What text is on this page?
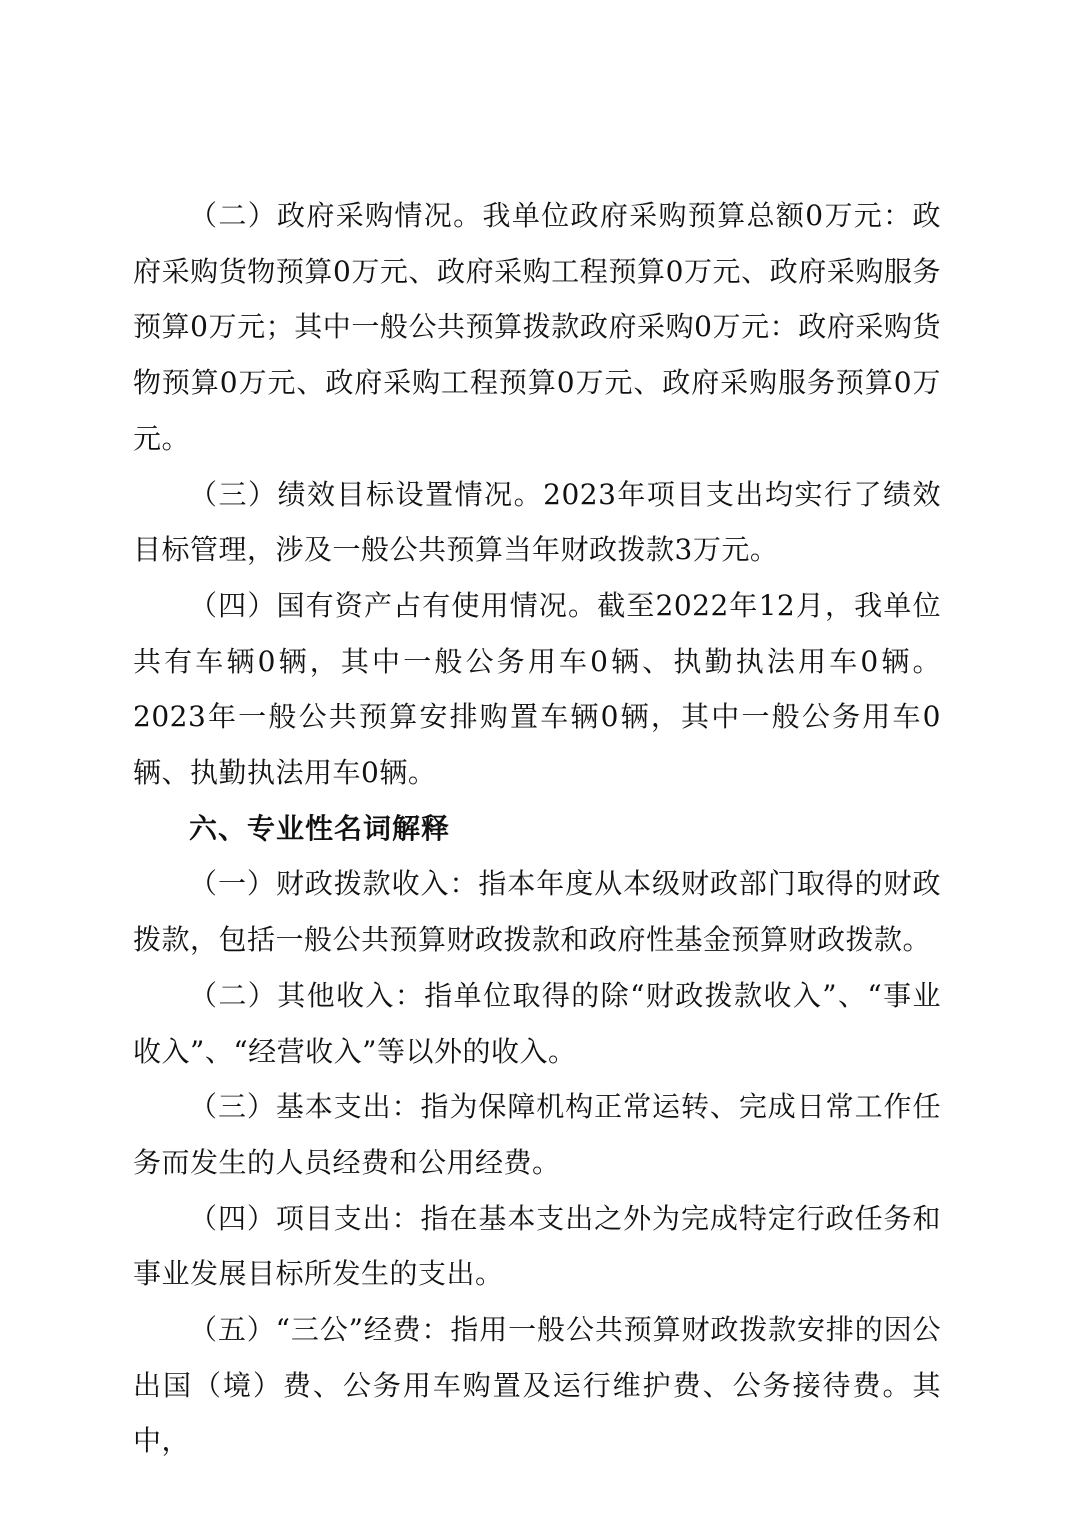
（二）政府采购情况。我单位政府采购预算总额0万元：政府采购货物预算0万元、政府采购工程预算0万元、政府采购服务预算0万元；其中一般公共预算拨款政府采购0万元：政府采购货物预算0万元、政府采购工程预算0万元、政府采购服务预算0万元。

（三）绩效目标设置情况。2023年项目支出均实行了绩效目标管理，涉及一般公共预算当年财政拨款3万元。

（四）国有资产占有使用情况。截至2022年12月，我单位共有车辆0辆，其中一般公务用车0辆、执勤执法用车0辆。2023年一般公共预算安排购置车辆0辆，其中一般公务用车0辆、执勤执法用车0辆。

六、专业性名词解释

（一）财政拨款收入：指本年度从本级财政部门取得的财政拨款，包括一般公共预算财政拨款和政府性基金预算财政拨款。

（二）其他收入：指单位取得的除“财政拨款收入”、“事业收入”、“经营收入”等以外的收入。

（三）基本支出：指为保障机构正常运转、完成日常工作任务而发生的人员经费和公用经费。

（四）项目支出：指在基本支出之外为完成特定行政任务和事业发展目标所发生的支出。

（五）“三公”经费：指用一般公共预算财政拨款安排的因公出国（境）费、公务用车购置及运行维护费、公务接待费。其中，
